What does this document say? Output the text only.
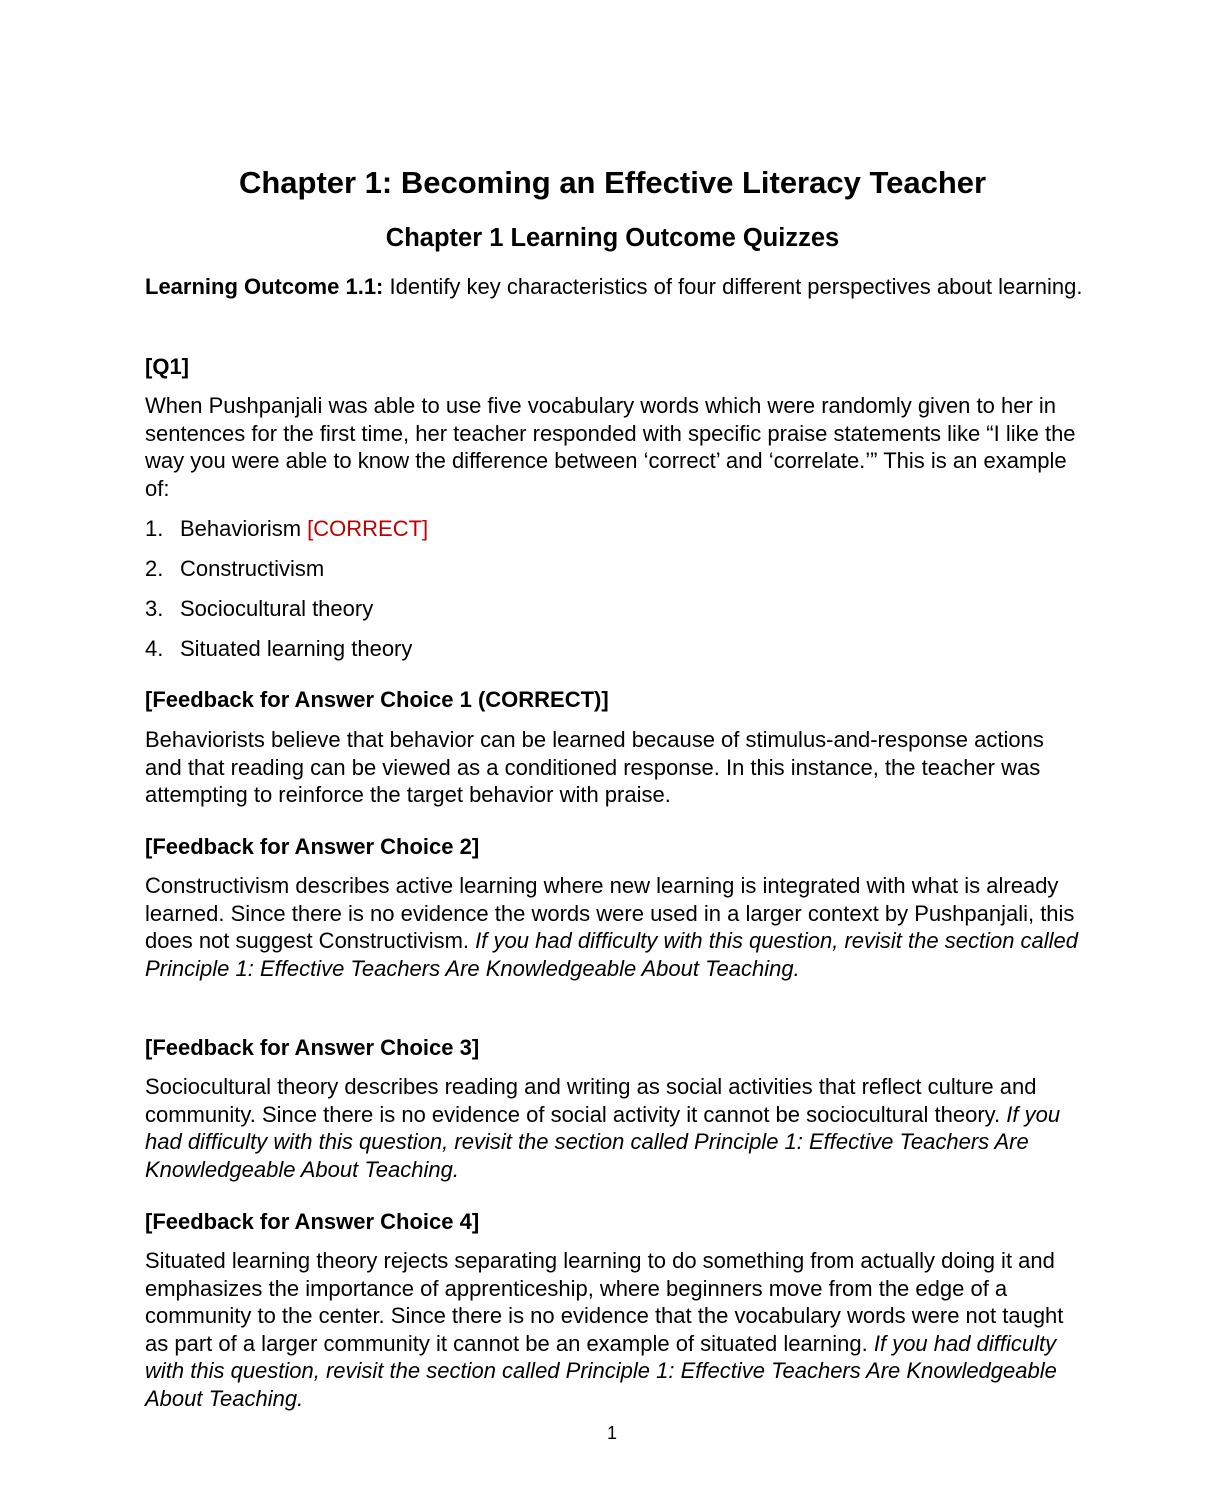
Chapter 1: Becoming an Effective Literacy Teacher
Chapter 1 Learning Outcome Quizzes

Learning Outcome 1.1: Identify key characteristics of four different perspectives about learning.

[Q1]

When Pushpanjali was able to use five vocabulary words which were randomly given to her in sentences for the first time, her teacher responded with specific praise statements like “I like the way you were able to know the difference between ‘correct’ and ‘correlate.’” This is an example of:

1. Behaviorism [CORRECT]
2. Constructivism
3. Sociocultural theory
4. Situated learning theory

[Feedback for Answer Choice 1 (CORRECT)]

Behaviorists believe that behavior can be learned because of stimulus-and-response actions and that reading can be viewed as a conditioned response. In this instance, the teacher was attempting to reinforce the target behavior with praise.

[Feedback for Answer Choice 2]

Constructivism describes active learning where new learning is integrated with what is already learned. Since there is no evidence the words were used in a larger context by Pushpanjali, this does not suggest Constructivism. If you had difficulty with this question, revisit the section called Principle 1: Effective Teachers Are Knowledgeable About Teaching.

[Feedback for Answer Choice 3]

Sociocultural theory describes reading and writing as social activities that reflect culture and community. Since there is no evidence of social activity it cannot be sociocultural theory. If you had difficulty with this question, revisit the section called Principle 1: Effective Teachers Are Knowledgeable About Teaching.

[Feedback for Answer Choice 4]

Situated learning theory rejects separating learning to do something from actually doing it and emphasizes the importance of apprenticeship, where beginners move from the edge of a community to the center. Since there is no evidence that the vocabulary words were not taught as part of a larger community it cannot be an example of situated learning. If you had difficulty with this question, revisit the section called Principle 1: Effective Teachers Are Knowledgeable About Teaching.

1
